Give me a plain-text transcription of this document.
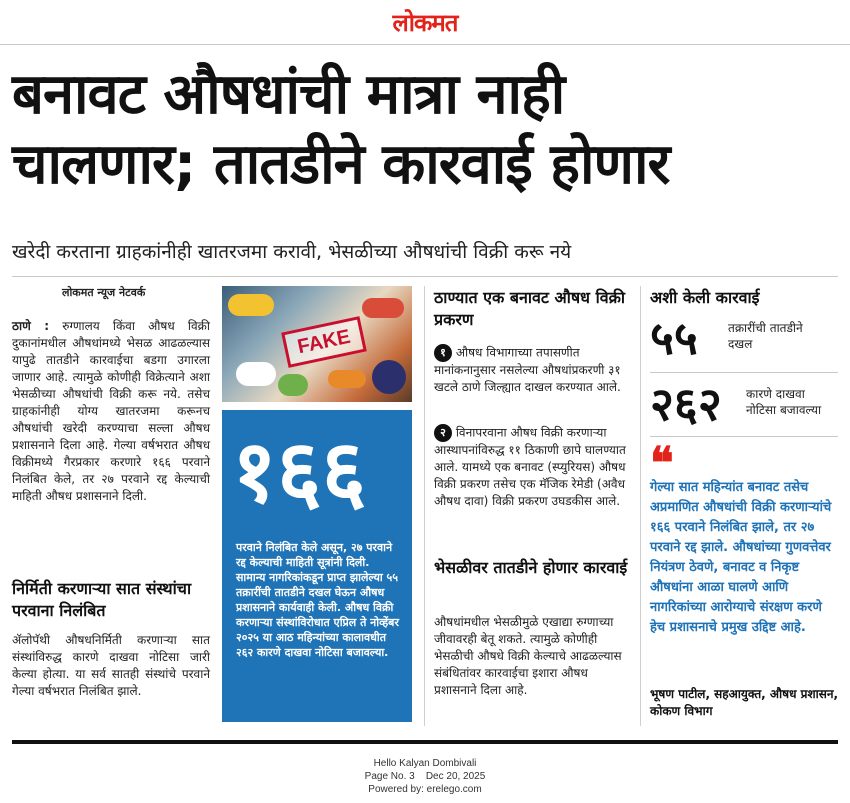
लोकमत
बनावट औषधांची मात्रा नाही
चालणार; तातडीने कारवाई होणार
खरेदी करताना ग्राहकांनीही खातरजमा करावी, भेसळीच्या औषधांची विक्री करू नये
लोकमत न्यूज नेटवर्क
ठाणे : रुग्णालय किंवा औषध विक्री दुकानांमधील औषधांमध्ये भेसळ आढळल्यास यापुढे तातडीने कारवाईचा बडगा उगारला जाणार आहे. त्यामुळे कोणीही विक्रेत्याने अशा भेसळीच्या औषधांची विक्री करू नये. तसेच ग्राहकांनीही योग्य खातरजमा करूनच औषधांची खरेदी करण्याचा सल्ला औषध प्रशासनाने दिला आहे. गेल्या वर्षभरात औषध विक्रीमध्ये गैरप्रकार करणारे १६६ परवाने निलंबित केले, तर २७ परवाने रद्द केल्याची माहिती औषध प्रशासनाने दिली.
निर्मिती करणाऱ्या सात संस्थांचा परवाना निलंबित
ॲलोपॅथी औषधनिर्मिती करणाऱ्या सात संस्थांविरुद्ध कारणे दाखवा नोटिसा जारी केल्या होत्या. या सर्व सातही संस्थांचे परवाने गेल्या वर्षभरात निलंबित झाले.
FAKE
१६६
परवाने निलंबित केले असून, २७ परवाने रद्द केल्याची माहिती सूत्रांनी दिली. सामान्य नागरिकांकडून प्राप्त झालेल्या ५५ तक्रारींची तातडीने दखल घेऊन औषध प्रशासनाने कार्यवाही केली. औषध विक्री करणाऱ्या संस्थांविरोधात एप्रिल ते नोव्हेंबर २०२५ या आठ महिन्यांच्या कालावधीत २६२ कारणे दाखवा नोटिसा बजावल्या.
ठाण्यात एक बनावट औषध विक्री प्रकरण
१ औषध विभागाच्या तपासणीत मानांकनानुसार नसलेल्या औषधांप्रकरणी ३१ खटले ठाणे जिल्ह्यात दाखल करण्यात आले.
२ विनापरवाना औषध विक्री करणाऱ्या आस्थापनांविरुद्ध ११ ठिकाणी छापे घालण्यात आले. यामध्ये एक बनावट (स्प्युरियस) औषध विक्री प्रकरण तसेच एक मॅजिक रेमेडी (अवैध औषध दावा) विक्री प्रकरण उघडकीस आले.
भेसळीवर तातडीने होणार कारवाई
औषधांमधील भेसळीमुळे एखाद्या रुग्णाच्या जीवावरही बेतू शकते. त्यामुळे कोणीही भेसळीची औषधे विक्री केल्याचे आढळल्यास संबंधितांवर कारवाईचा इशारा औषध प्रशासनाने दिला आहे.
अशी केली कारवाई
५५	तक्रारींची तातडीने दखल
२६२ कारणे दाखवा नोटिसा बजावल्या
❝
गेल्या सात महिन्यांत बनावट तसेच अप्रमाणित औषधांची विक्री करणाऱ्यांचे १६६ परवाने निलंबित झाले, तर २७ परवाने रद्द झाले. औषधांच्या गुणवत्तेवर नियंत्रण ठेवणे, बनावट व निकृष्ट औषधांना आळा घालणे आणि नागरिकांच्या आरोग्याचे संरक्षण करणे हेच प्रशासनाचे प्रमुख उद्दिष्ट आहे.
भूषण पाटील, सहआयुक्त, औषध प्रशासन, कोकण विभाग
Hello Kalyan Dombivali
Page No. 3    Dec 20, 2025
Powered by: erelego.com
